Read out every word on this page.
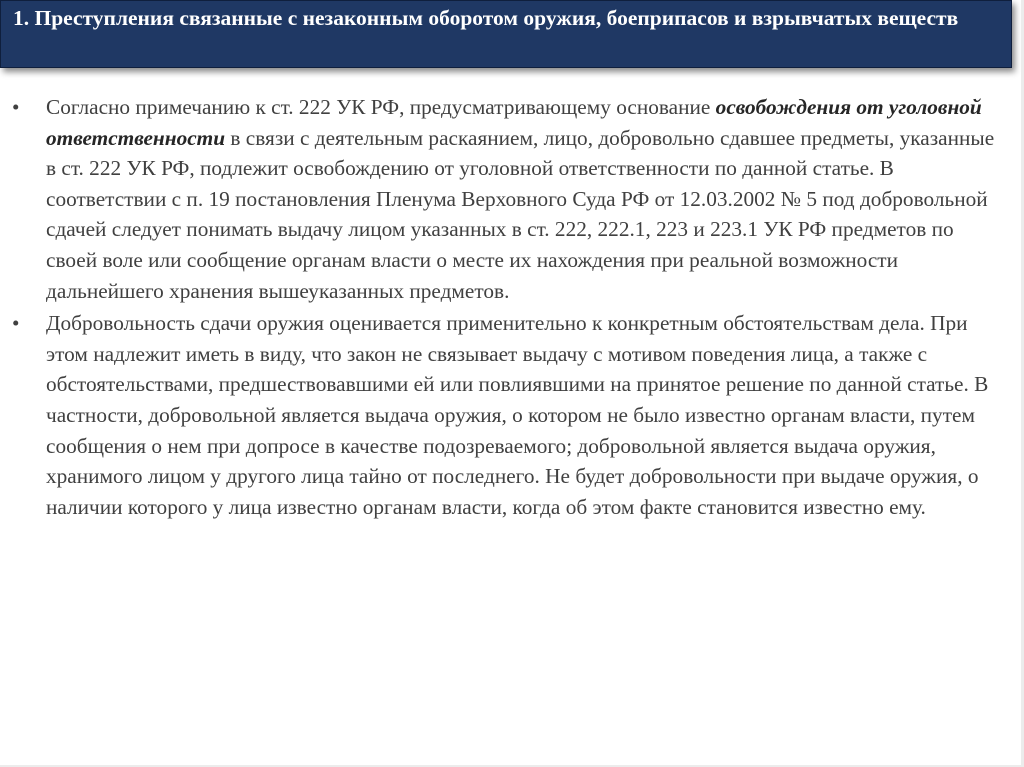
1. Преступления связанные с незаконным оборотом оружия, боеприпасов и взрывчатых веществ

• Согласно примечанию к ст. 222 УК РФ, предусматривающему основание освобождения от уголовной ответственности в связи с деятельным раскаянием, лицо, добровольно сдавшее предметы, указанные в ст. 222 УК РФ, подлежит освобождению от уголовной ответственности по данной статье. В соответствии с п. 19 постановления Пленума Верховного Суда РФ от 12.03.2002 № 5 под добровольной сдачей следует понимать выдачу лицом указанных в ст. 222, 222.1, 223 и 223.1 УК РФ предметов по своей воле или сообщение органам власти о месте их нахождения при реальной возможности дальнейшего хранения вышеуказанных предметов.

• Добровольность сдачи оружия оценивается применительно к конкретным обстоятельствам дела. При этом надлежит иметь в виду, что закон не связывает выдачу с мотивом поведения лица, а также с обстоятельствами, предшествовавшими ей или повлиявшими на принятое решение по данной статье. В частности, добровольной является выдача оружия, о котором не было известно органам власти, путем сообщения о нем при допросе в качестве подозреваемого; добровольной является выдача оружия, хранимого лицом у другого лица тайно от последнего. Не будет добровольности при выдаче оружия, о наличии которого у лица известно органам власти, когда об этом факте становится известно ему.
